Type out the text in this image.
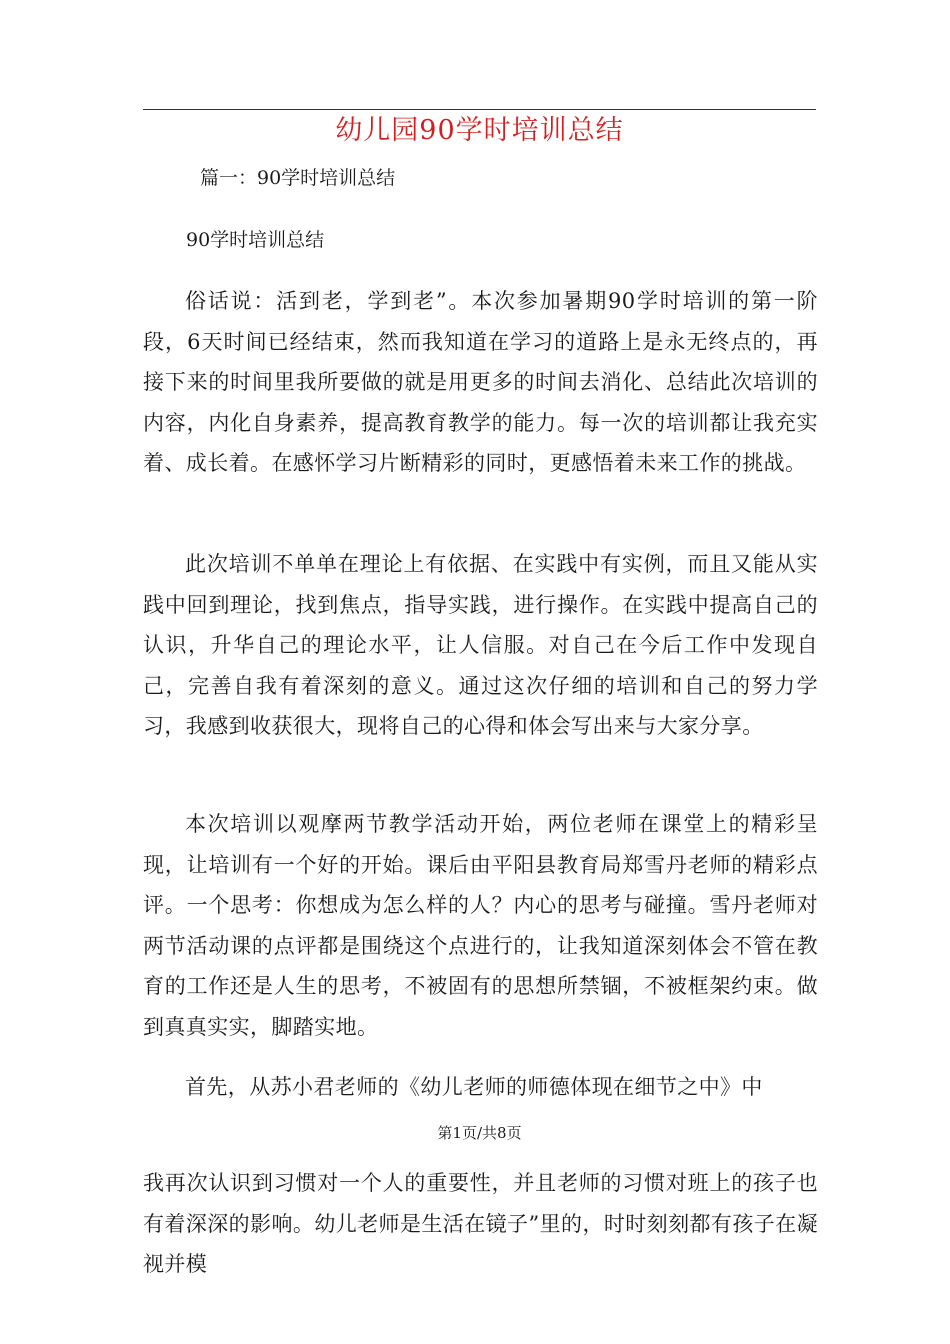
幼儿园90学时培训总结
篇一：90学时培训总结
90学时培训总结

俗话说：活到老，学到老”。本次参加暑期90学时培训的第一阶段，6天时间已经结束，然而我知道在学习的道路上是永无终点的，再接下来的时间里我所要做的就是用更多的时间去消化、总结此次培训的内容，内化自身素养，提高教育教学的能力。每一次的培训都让我充实着、成长着。在感怀学习片断精彩的同时，更感悟着未来工作的挑战。

此次培训不单单在理论上有依据、在实践中有实例，而且又能从实践中回到理论，找到焦点，指导实践，进行操作。在实践中提高自己的认识，升华自己的理论水平，让人信服。对自己在今后工作中发现自己，完善自我有着深刻的意义。通过这次仔细的培训和自己的努力学习，我感到收获很大，现将自己的心得和体会写出来与大家分享。

本次培训以观摩两节教学活动开始，两位老师在课堂上的精彩呈现，让培训有一个好的开始。课后由平阳县教育局郑雪丹老师的精彩点评。一个思考：你想成为怎么样的人？内心的思考与碰撞。雪丹老师对两节活动课的点评都是围绕这个点进行的，让我知道深刻体会不管在教育的工作还是人生的思考，不被固有的思想所禁锢，不被框架约束。做到真真实实，脚踏实地。

首先，从苏小君老师的《幼儿老师的师德体现在细节之中》中

第1页/共8页

我再次认识到习惯对一个人的重要性，并且老师的习惯对班上的孩子也有着深深的影响。幼儿老师是生活在镜子”里的，时时刻刻都有孩子在凝视并模
